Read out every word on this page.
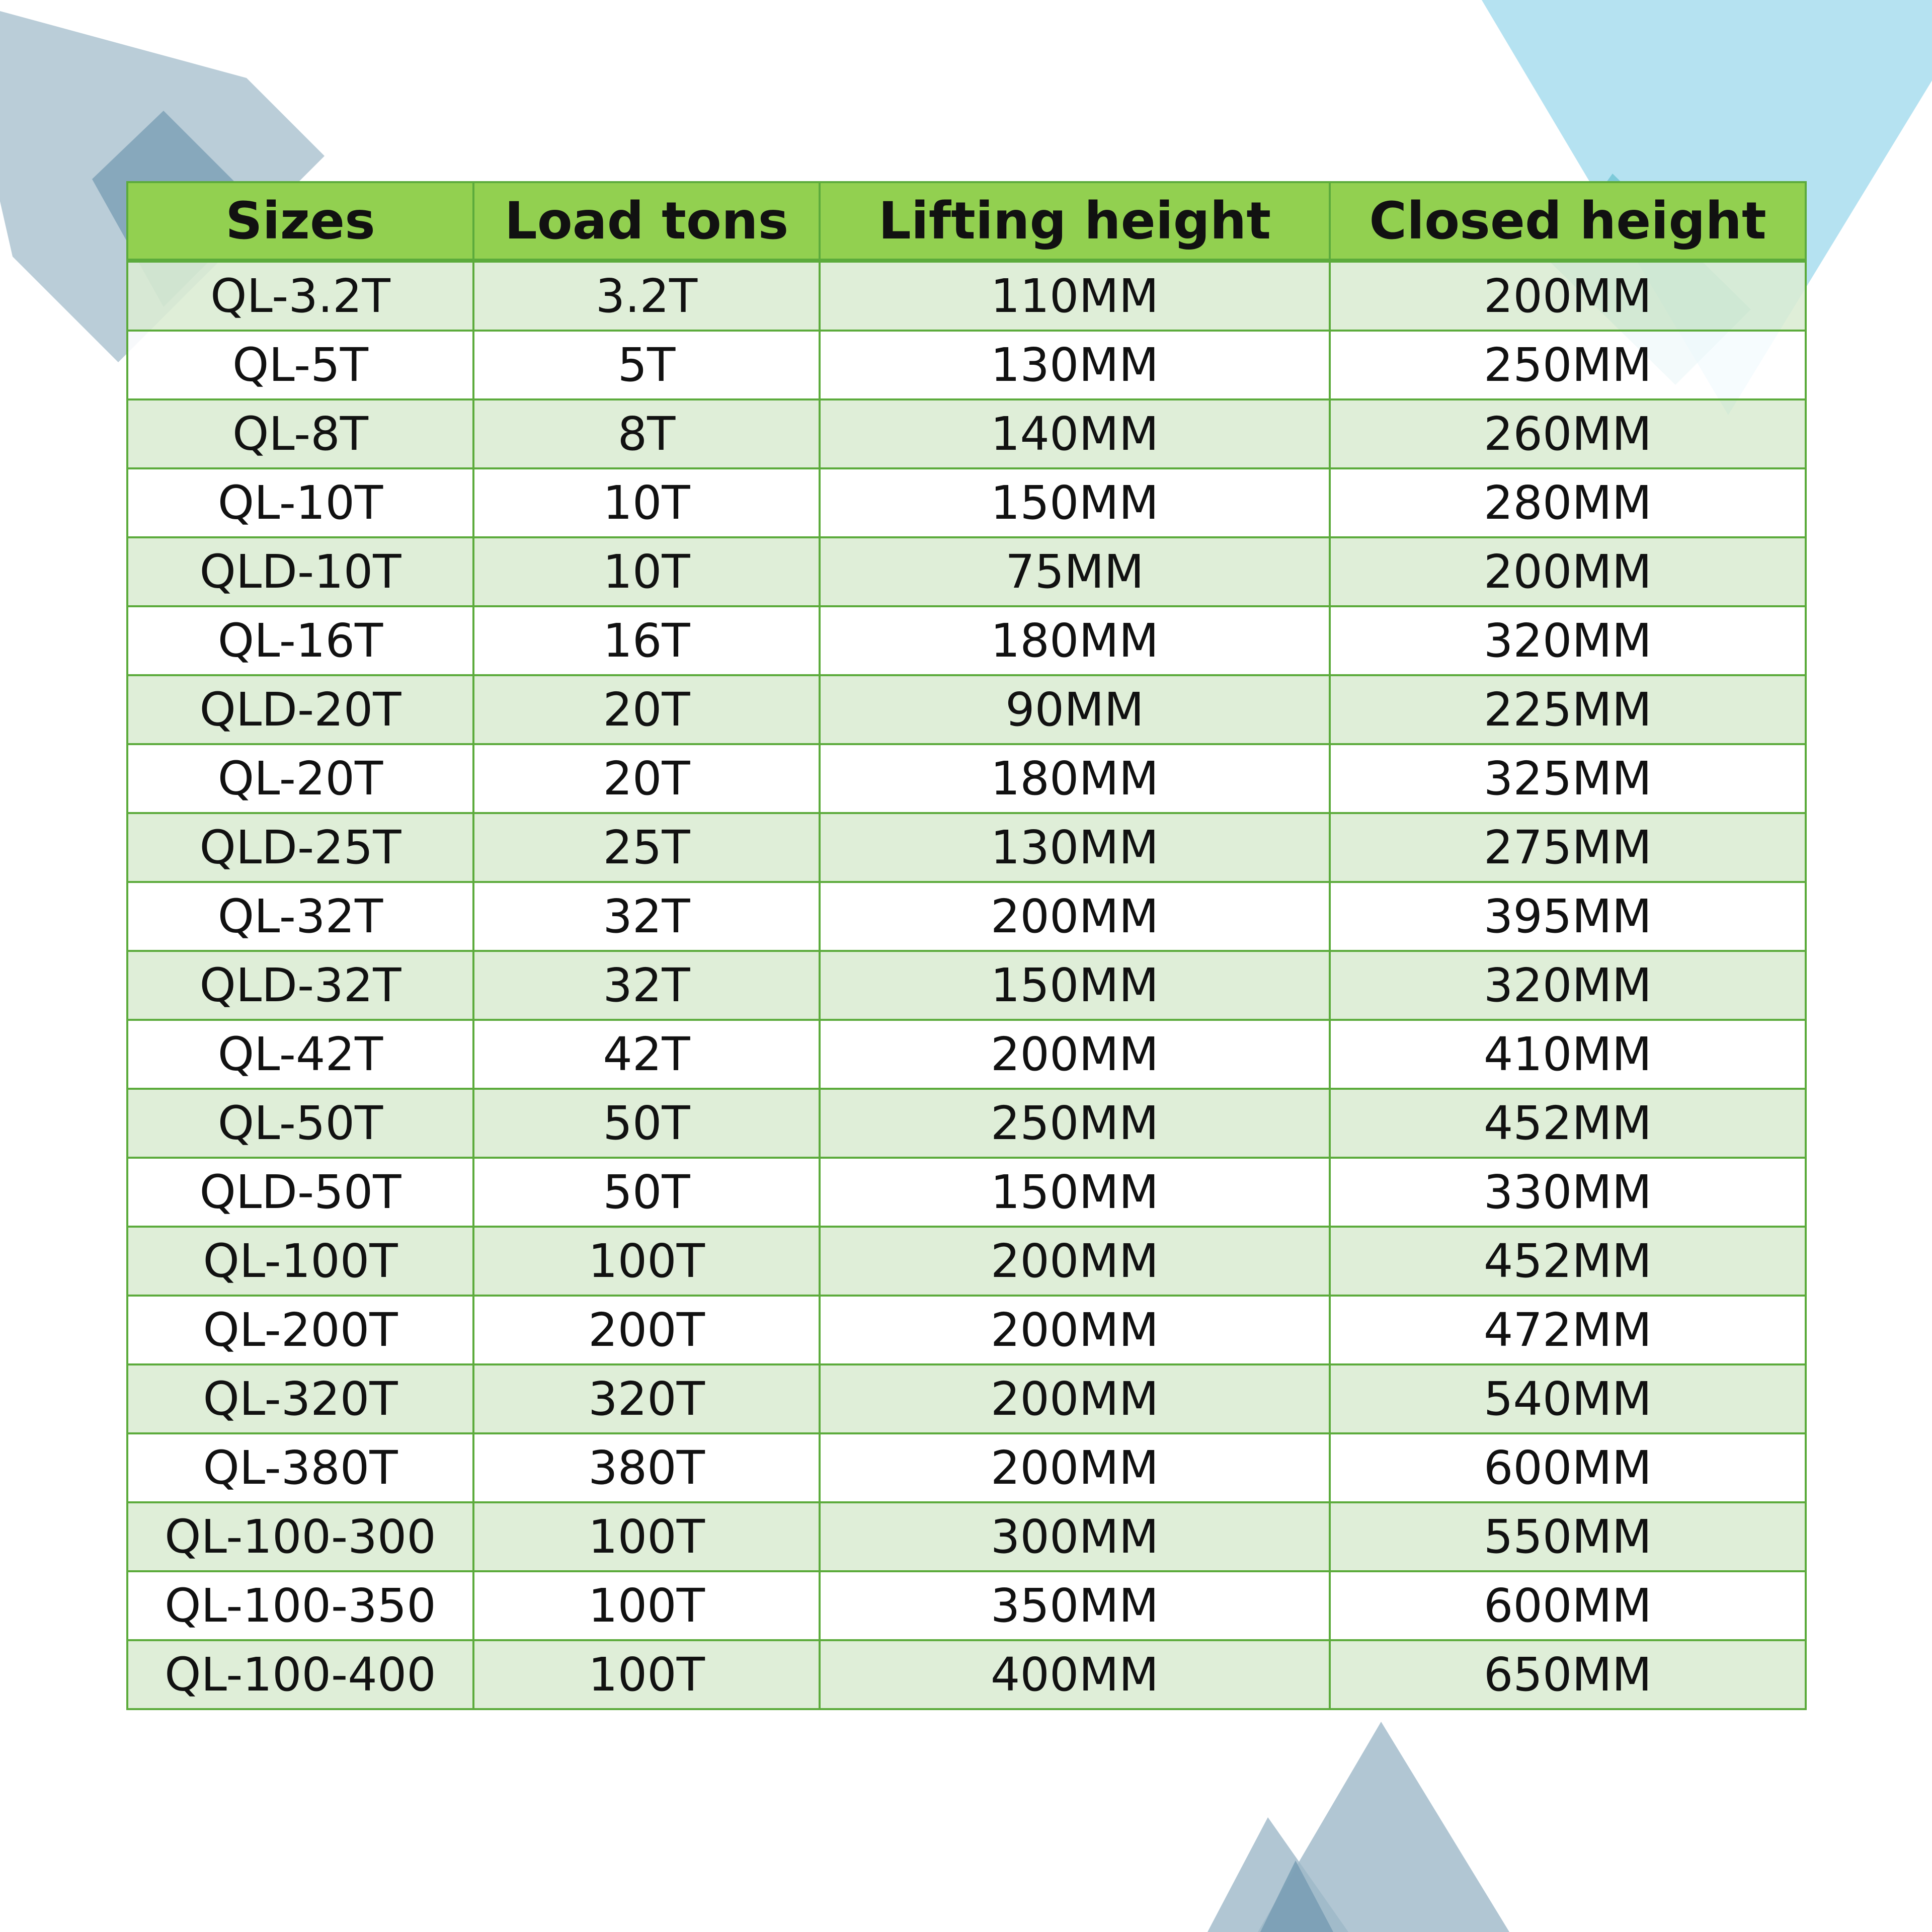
Sizes	Load tons	Lifting height	Closed height
QL-3.2T	3.2T	110MM	200MM
QL-5T	5T	130MM	250MM
QL-8T	8T	140MM	260MM
QL-10T	10T	150MM	280MM
QLD-10T	10T	75MM	200MM
QL-16T	16T	180MM	320MM
QLD-20T	20T	90MM	225MM
QL-20T	20T	180MM	325MM
QLD-25T	25T	130MM	275MM
QL-32T	32T	200MM	395MM
QLD-32T	32T	150MM	320MM
QL-42T	42T	200MM	410MM
QL-50T	50T	250MM	452MM
QLD-50T	50T	150MM	330MM
QL-100T	100T	200MM	452MM
QL-200T	200T	200MM	472MM
QL-320T	320T	200MM	540MM
QL-380T	380T	200MM	600MM
QL-100-300	100T	300MM	550MM
QL-100-350	100T	350MM	600MM
QL-100-400	100T	400MM	650MM
